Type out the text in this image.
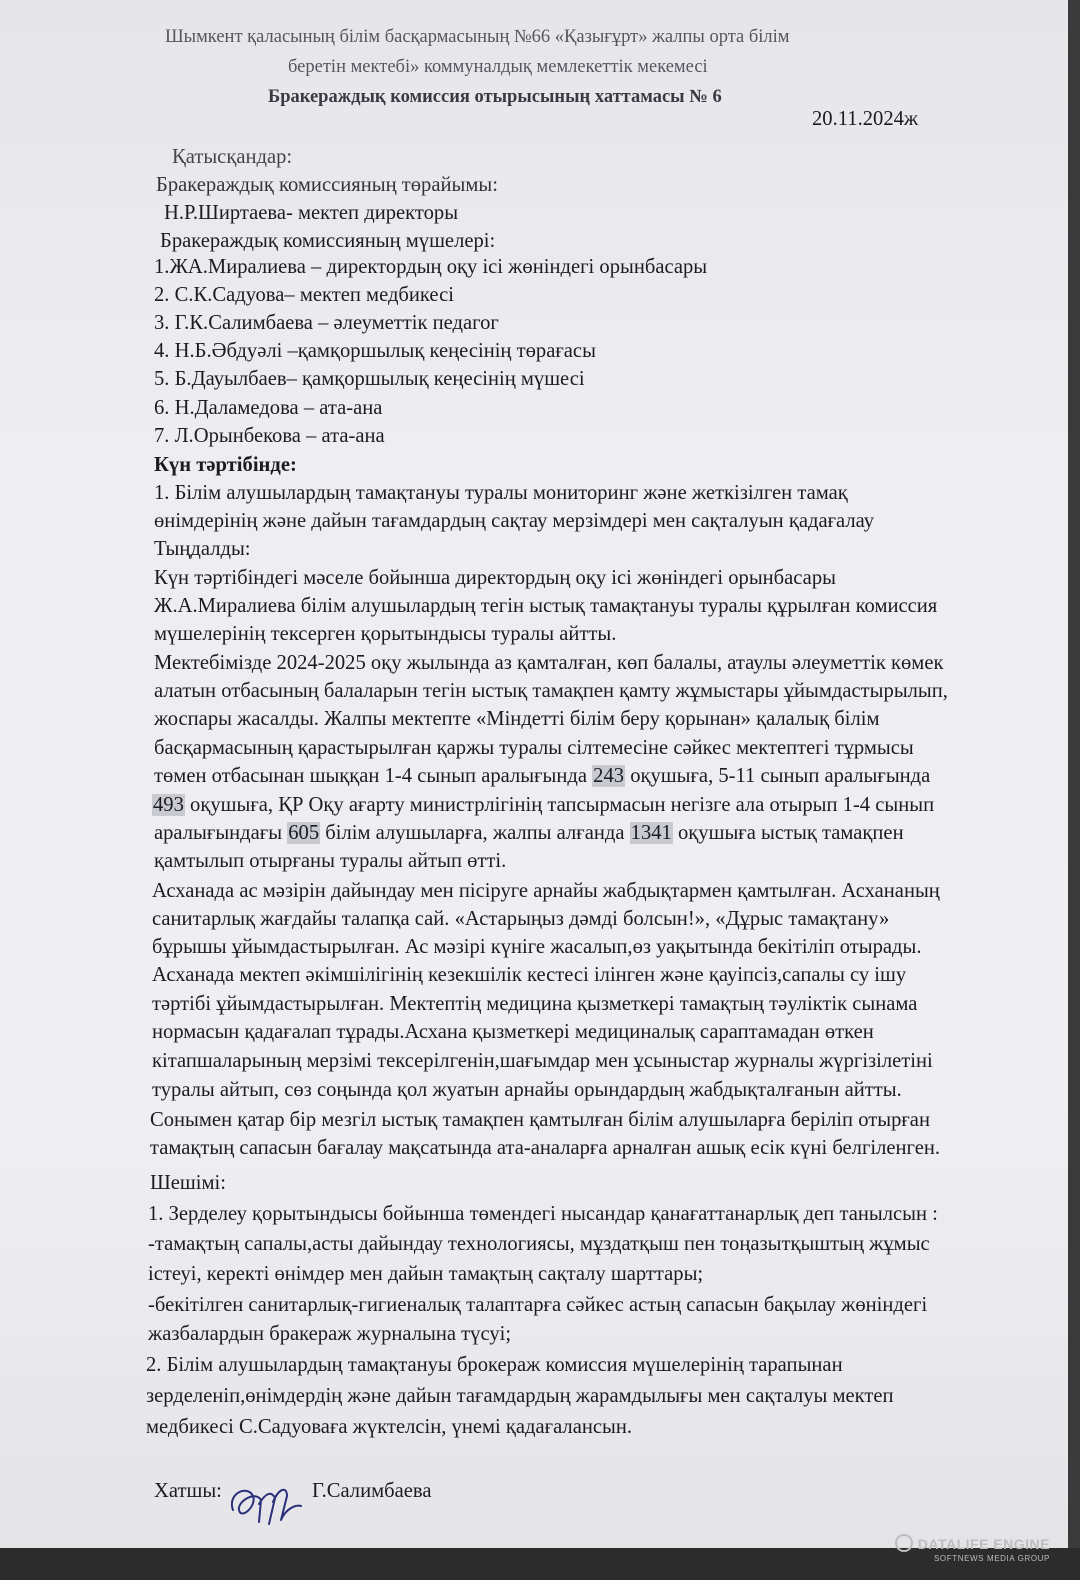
Шымкент қаласының білім басқармасының №66 «Қазығұрт» жалпы орта білім
беретін мектебі» коммуналдық мемлекеттік мекемесі
Бракераждық комиссия отырысының хаттамасы № 6
20.11.2024ж
Қатысқандар:
Бракераждық комиссияның төрайымы:
Н.Р.Ширтаева- мектеп директоры
Бракераждық комиссияның мүшелері:
1.ЖА.Миралиева – директордың оқу ісі жөніндегі орынбасары
2. С.К.Садуова– мектеп медбикесі
3. Г.К.Салимбаева – әлеуметтік педагог
4. Н.Б.Әбдуәлі –қамқоршылық кеңесінің төрағасы
5. Б.Дауылбаев– қамқоршылық кеңесінің мүшесі
6. Н.Даламедова – ата-ана
7. Л.Орынбекова – ата-ана
Күн тәртібінде:
1. Білім алушылардың тамақтануы туралы мониторинг және жеткізілген тамақ
өнімдерінің және дайын тағамдардың сақтау мерзімдері мен сақталуын қадағалау
Тыңдалды:
Күн тәртібіндегі мәселе бойынша директордың оқу ісі жөніндегі орынбасары
Ж.А.Миралиева білім алушылардың тегін ыстық тамақтануы туралы құрылған комиссия
мүшелерінің тексерген қорытындысы туралы айтты.
Мектебімізде 2024-2025 оқу жылында аз қамталған, көп балалы, атаулы әлеуметтік көмек
алатын отбасының балаларын тегін ыстық тамақпен қамту жұмыстары ұйымдастырылып,
жоспары жасалды. Жалпы мектепте «Міндетті білім беру қорынан» қалалық білім
басқармасының қарастырылған қаржы туралы сілтемесіне сәйкес мектептегі тұрмысы
төмен отбасынан шыққан 1-4 сынып аралығында 243 оқушыға, 5-11 сынып аралығында
493 оқушыға, ҚР Оқу ағарту министрлігінің тапсырмасын негізге ала отырып 1-4 сынып
аралығындағы 605 білім алушыларға, жалпы алғанда 1341 оқушыға ыстық тамақпен
қамтылып отырғаны туралы айтып өтті.
Асханада ас мәзірін дайындау мен пісіруге арнайы жабдықтармен қамтылған. Асхананың
санитарлық жағдайы талапқа сай. «Астарыңыз дәмді болсын!», «Дұрыс тамақтану»
бұрышы ұйымдастырылған. Ас мәзірі күнiге жасалып,өз уақытында бекітіліп отырады.
Асханада мектеп әкімшілігінің кезекшілік кестесі ілінген және қауіпсіз,сапалы су ішу
тәртібі ұйымдастырылған. Мектептің медицина қызметкері тамақтың тәуліктік сынама
нормасын қадағалап тұрады.Асхана қызметкері медициналық сараптамадан өткен
кітапшаларының мерзімі тексерілгенін,шағымдар мен ұсыныстар журналы жүргізілетіні
туралы айтып, сөз соңында қол жуатын арнайы орындардың жабдықталғанын айтты.
Сонымен қатар бір мезгіл ыстық тамақпен қамтылған білім алушыларға беріліп отырған
тамақтың сапасын бағалау мақсатында ата-аналарға арналған ашық есік күні белгіленген.
Шешімі:
1. Зерделеу қорытындысы бойынша төмендегі нысандар қанағаттанарлық деп танылсын :
-тамақтың сапалы,асты дайындау технологиясы, мұздатқыш пен тоңазытқыштың жұмыс
істеуі, керекті өнімдер мен дайын тамақтың сақталу шарттары;
-бекітілген санитарлық-гигиеналық талаптарға сәйкес астың сапасын бақылау жөніндегі
жазбалардын бракераж журналына түсуі;
2. Білім алушылардың тамақтануы брокераж комиссия мүшелерінің тарапынан
зерделеніп,өнімдердің және дайын тағамдардың жарамдылығы мен сақталуы мектеп
медбикесі С.Садуоваға жүктелсін, үнемі қадағалансын.
Хатшы:	Г.Салимбаева
DATALIFE ENGINE
SOFTNEWS MEDIA GROUP
